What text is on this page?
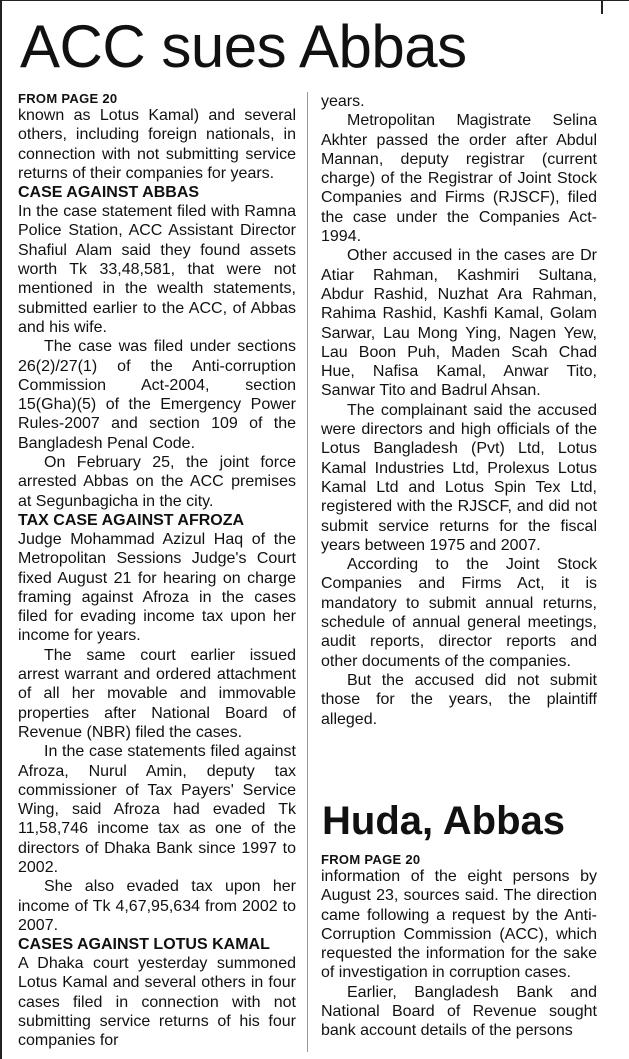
ACC sues Abbas
FROM PAGE 20

known as Lotus Kamal) and several others, including foreign nationals, in connection with not submitting service returns of their companies for years.

CASE AGAINST ABBAS

In the case statement filed with Ramna Police Station, ACC Assistant Director Shafiul Alam said they found assets worth Tk 33,48,581, that were not mentioned in the wealth statements, submitted earlier to the ACC, of Abbas and his wife.

The case was filed under sections 26(2)/27(1) of the Anti-corruption Commission Act-2004, section 15(Gha)(5) of the Emergency Power Rules-2007 and section 109 of the Bangladesh Penal Code.

On February 25, the joint force arrested Abbas on the ACC premises at Segunbagicha in the city.

TAX CASE AGAINST AFROZA

Judge Mohammad Azizul Haq of the Metropolitan Sessions Judge's Court fixed August 21 for hearing on charge framing against Afroza in the cases filed for evading income tax upon her income for years.

The same court earlier issued arrest warrant and ordered attachment of all her movable and immovable properties after National Board of Revenue (NBR) filed the cases.

In the case statements filed against Afroza, Nurul Amin, deputy tax commissioner of Tax Payers' Service Wing, said Afroza had evaded Tk 11,58,746 income tax as one of the directors of Dhaka Bank since 1997 to 2002.

She also evaded tax upon her income of Tk 4,67,95,634 from 2002 to 2007.

CASES AGAINST LOTUS KAMAL

A Dhaka court yesterday summoned Lotus Kamal and several others in four cases filed in connection with not submitting service returns of his four companies for

years.

Metropolitan Magistrate Selina Akhter passed the order after Abdul Mannan, deputy registrar (current charge) of the Registrar of Joint Stock Companies and Firms (RJSCF), filed the case under the Companies Act-1994.

Other accused in the cases are Dr Atiar Rahman, Kashmiri Sultana, Abdur Rashid, Nuzhat Ara Rahman, Rahima Rashid, Kashfi Kamal, Golam Sarwar, Lau Mong Ying, Nagen Yew, Lau Boon Puh, Maden Scah Chad Hue, Nafisa Kamal, Anwar Tito, Sanwar Tito and Badrul Ahsan.

The complainant said the accused were directors and high officials of the Lotus Bangladesh (Pvt) Ltd, Lotus Kamal Industries Ltd, Prolexus Lotus Kamal Ltd and Lotus Spin Tex Ltd, registered with the RJSCF, and did not submit service returns for the fiscal years between 1975 and 2007.

According to the Joint Stock Companies and Firms Act, it is mandatory to submit annual returns, schedule of annual general meetings, audit reports, director reports and other documents of the companies.

But the accused did not submit those for the years, the plaintiff alleged.

Huda, Abbas
FROM PAGE 20

information of the eight persons by August 23, sources said. The direction came following a request by the Anti-Corruption Commission (ACC), which requested the information for the sake of investigation in corruption cases.

Earlier, Bangladesh Bank and National Board of Revenue sought bank account details of the persons
